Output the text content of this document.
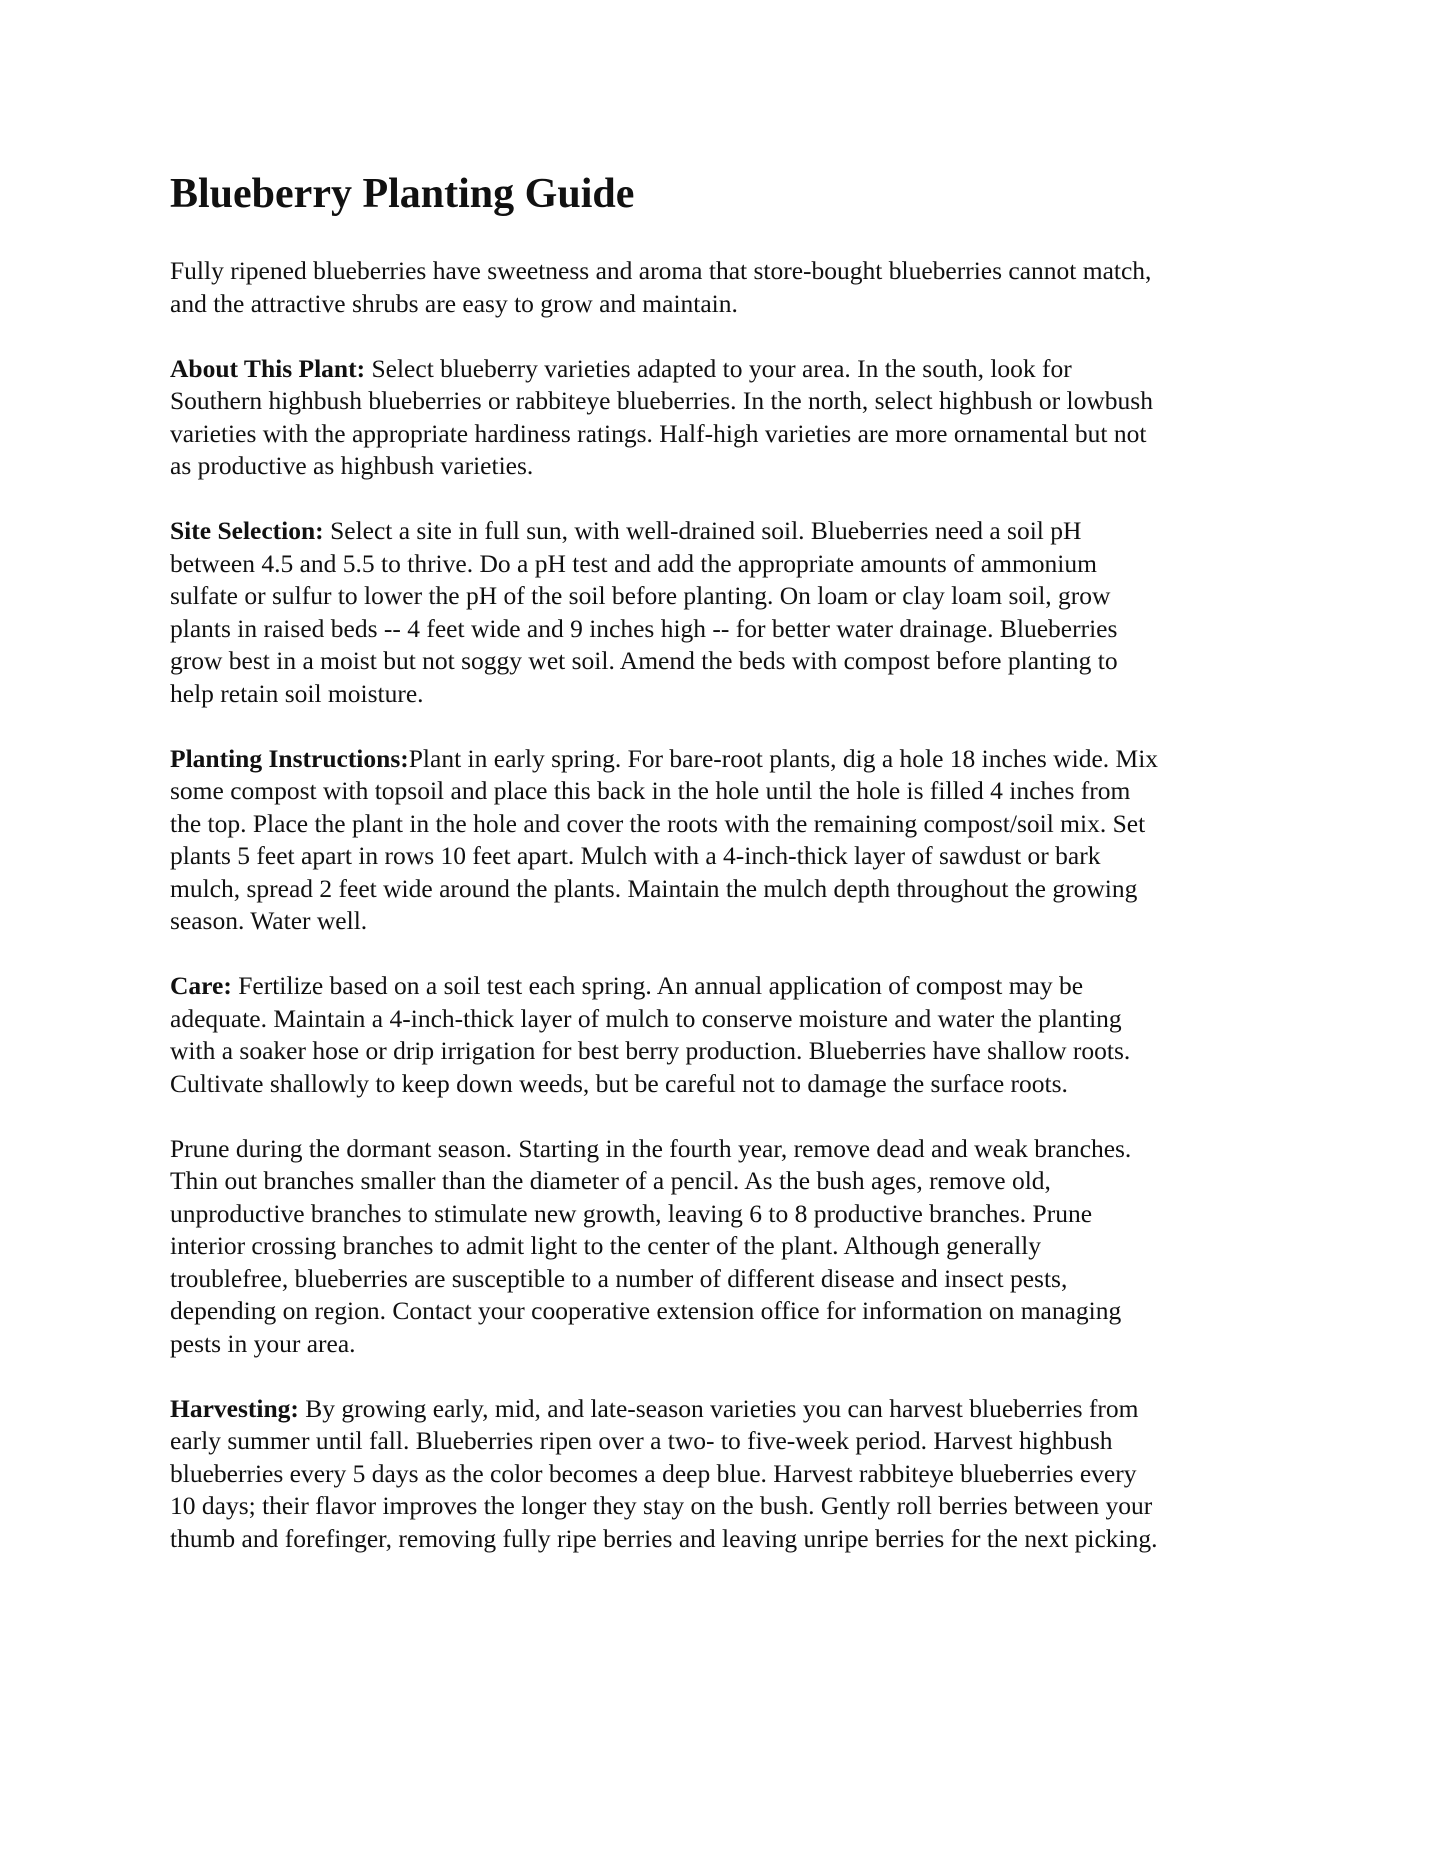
Blueberry Planting Guide

Fully ripened blueberries have sweetness and aroma that store-bought blueberries cannot match,
and the attractive shrubs are easy to grow and maintain.

About This Plant: Select blueberry varieties adapted to your area. In the south, look for
Southern highbush blueberries or rabbiteye blueberries. In the north, select highbush or lowbush
varieties with the appropriate hardiness ratings. Half-high varieties are more ornamental but not
as productive as highbush varieties.

Site Selection: Select a site in full sun, with well-drained soil. Blueberries need a soil pH
between 4.5 and 5.5 to thrive. Do a pH test and add the appropriate amounts of ammonium
sulfate or sulfur to lower the pH of the soil before planting. On loam or clay loam soil, grow
plants in raised beds -- 4 feet wide and 9 inches high -- for better water drainage. Blueberries
grow best in a moist but not soggy wet soil. Amend the beds with compost before planting to
help retain soil moisture.

Planting Instructions:Plant in early spring. For bare-root plants, dig a hole 18 inches wide. Mix
some compost with topsoil and place this back in the hole until the hole is filled 4 inches from
the top. Place the plant in the hole and cover the roots with the remaining compost/soil mix. Set
plants 5 feet apart in rows 10 feet apart. Mulch with a 4-inch-thick layer of sawdust or bark
mulch, spread 2 feet wide around the plants. Maintain the mulch depth throughout the growing
season. Water well.

Care: Fertilize based on a soil test each spring. An annual application of compost may be
adequate. Maintain a 4-inch-thick layer of mulch to conserve moisture and water the planting
with a soaker hose or drip irrigation for best berry production. Blueberries have shallow roots.
Cultivate shallowly to keep down weeds, but be careful not to damage the surface roots.

Prune during the dormant season. Starting in the fourth year, remove dead and weak branches.
Thin out branches smaller than the diameter of a pencil. As the bush ages, remove old,
unproductive branches to stimulate new growth, leaving 6 to 8 productive branches. Prune
interior crossing branches to admit light to the center of the plant. Although generally
troublefree, blueberries are susceptible to a number of different disease and insect pests,
depending on region. Contact your cooperative extension office for information on managing
pests in your area.

Harvesting: By growing early, mid, and late-season varieties you can harvest blueberries from
early summer until fall. Blueberries ripen over a two- to five-week period. Harvest highbush
blueberries every 5 days as the color becomes a deep blue. Harvest rabbiteye blueberries every
10 days; their flavor improves the longer they stay on the bush. Gently roll berries between your
thumb and forefinger, removing fully ripe berries and leaving unripe berries for the next picking.
